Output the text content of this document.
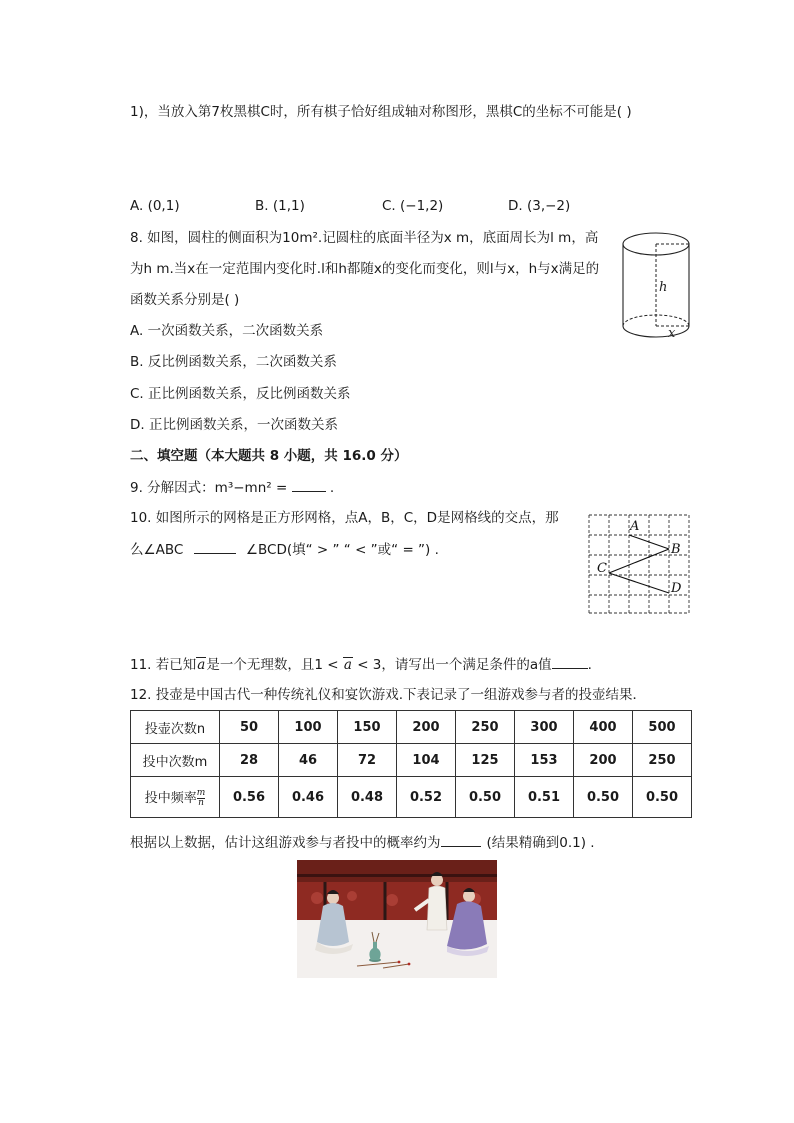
1)，当放入第7枚黑棋C时，所有棋子恰好组成轴对称图形，黑棋C的坐标不可能是( )
A. (0,1)	B. (1,1)	C. (−1,2)	D. (3,−2)
8. 如图，圆柱的侧面积为10m².记圆柱的底面半径为x m，底面周长为l m，高
为h m.当x在一定范围内变化时.l和h都随x的变化而变化，则l与x，h与x满足的
函数关系分别是( )
A. 一次函数关系，二次函数关系
B. 反比例函数关系，二次函数关系
C. 正比例函数关系，反比例函数关系
D. 正比例函数关系，一次函数关系
h
x
二、填空题（本大题共 8 小题，共 16.0 分）
9. 分解因式：m³−mn² =	.
10. 如图所示的网格是正方形网格，点A，B，C，D是网格线的交点，那
么∠ABC	∠BCD(填“ > ” “ < ”或“ = ”) .
A
B
C
D
11. 若已知a是一个无理数，且1 < a < 3，请写出一个满足条件的a值	.
12. 投壶是中国古代一种传统礼仪和宴饮游戏.下表记录了一组游戏参与者的投壶结果．
投壶次数n	50	100	150	200	250	300	400	500
投中次数m	28	46	72	104	125	153	200	250
投中频率 $\frac{m}{n}$	0.56	0.46	0.48	0.52	0.50	0.51	0.50	0.50
根据以上数据，估计这组游戏参与者投中的概率约为	(结果精确到0.1) .
